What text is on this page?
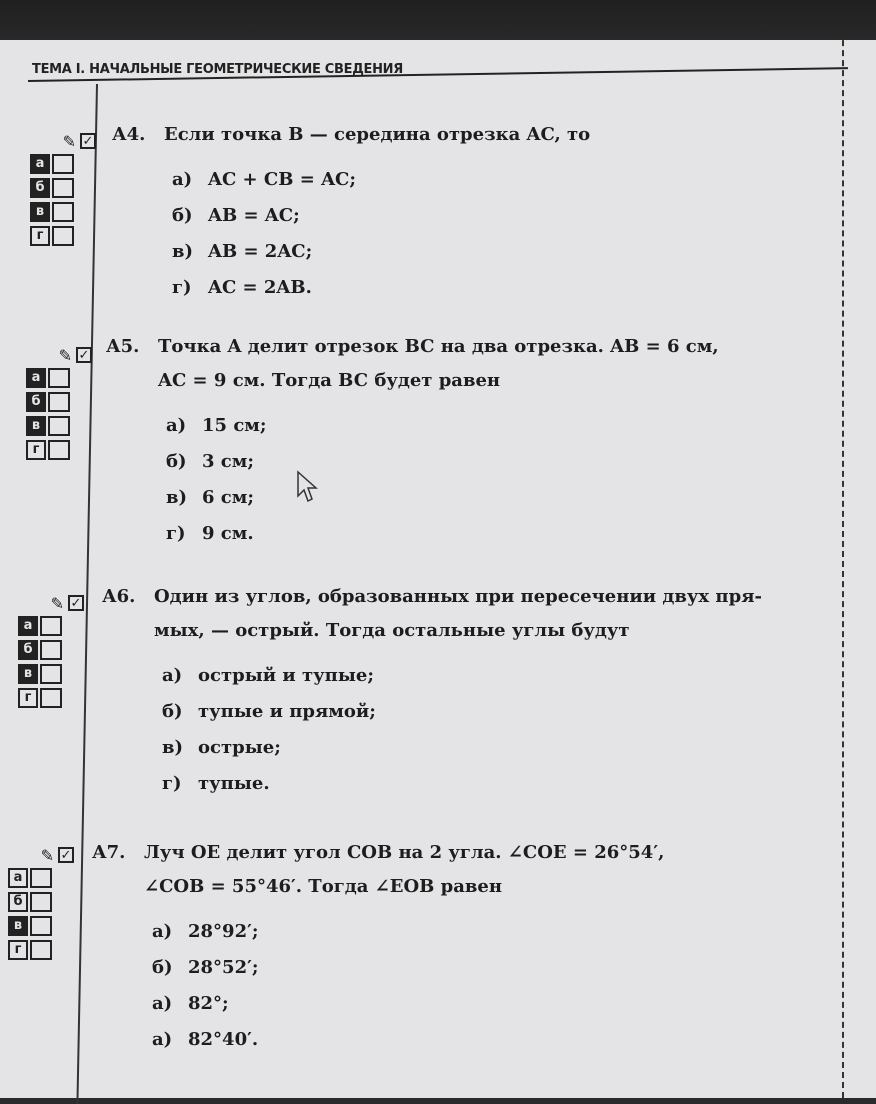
ТЕМА I. НАЧАЛЬНЫЕ ГЕОМЕТРИЧЕСКИЕ СВЕДЕНИЯ
✎ ✓
а
б
в
г

А4. Если точка B — середина отрезка AC, то

а) AC + CB = AC;
б) AB = AC;
в) AB = 2AC;
г) AC = 2AB.
✎ ✓
а
б
в
г

А5. Точка A делит отрезок BC на два отрезка. AB = 6 см,

AC = 9 см. Тогда BC будет равен

а) 15 см;
б) 3 см;
в) 6 см;
г) 9 см.
✎ ✓
а
б
в
г

А6. Один из углов, образованных при пересечении двух пря-

мых, — острый. Тогда остальные углы будут

а) острый и тупые;
б) тупые и прямой;
в) острые;
г) тупые.
✎ ✓
а
б
в
г

А7. Луч OE делит угол COB на 2 угла. ∠COE = 26°54′,

∠COB = 55°46′. Тогда ∠EOB равен

а) 28°92′;
б) 28°52′;
а) 82°;
а) 82°40′.
